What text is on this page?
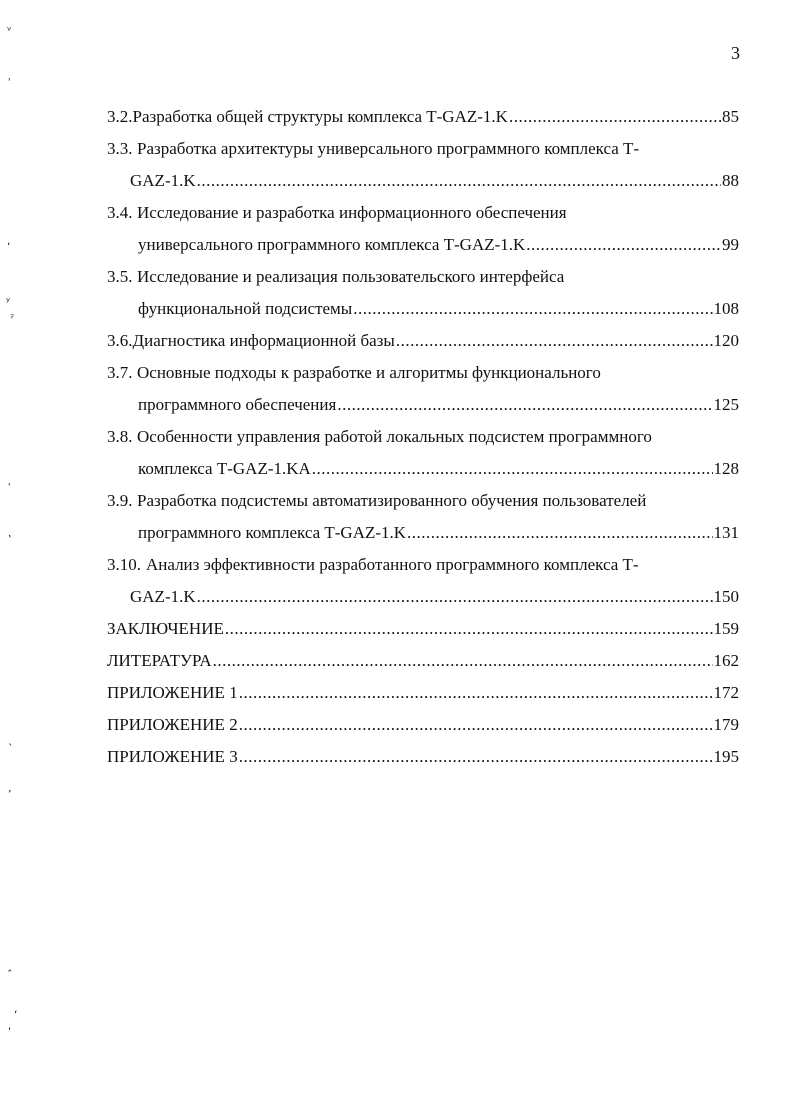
3
3.2. Разработка общей структуры комплекса Т-GAZ-1.K .....	85
3.3. Разработка архитектуры универсального программного комплекса Т-
GAZ-1.K .....	88
3.4. Исследование и разработка информационного обеспечения
универсального программного комплекса Т-GAZ-1.K .....	99
3.5. Исследование и реализация пользовательского интерфейса
функциональной подсистемы .....	108
3.6. Диагностика информационной базы .....	120
3.7. Основные подходы к разработке и алгоритмы функционального
программного обеспечения .....	125
3.8. Особенности управления работой локальных подсистем программного
комплекса Т-GAZ-1.KA .....	128
3.9. Разработка подсистемы автоматизированного обучения пользователей
программного комплекса Т-GAZ-1.K .....	131
3.10. Анализ эффективности разработанного программного комплекса Т-
GAZ-1.K .....	150
ЗАКЛЮЧЕНИЕ .....	159
ЛИТЕРАТУРА .....	162
ПРИЛОЖЕНИЕ 1 .....	172
ПРИЛОЖЕНИЕ 2 .....	179
ПРИЛОЖЕНИЕ 3 .....	195
ᵛ
ʾ
ʻ
ʸ
ˀ
ʿ
ʽ
ˎ
ʼ
ˆ
ʻ
ʹ
